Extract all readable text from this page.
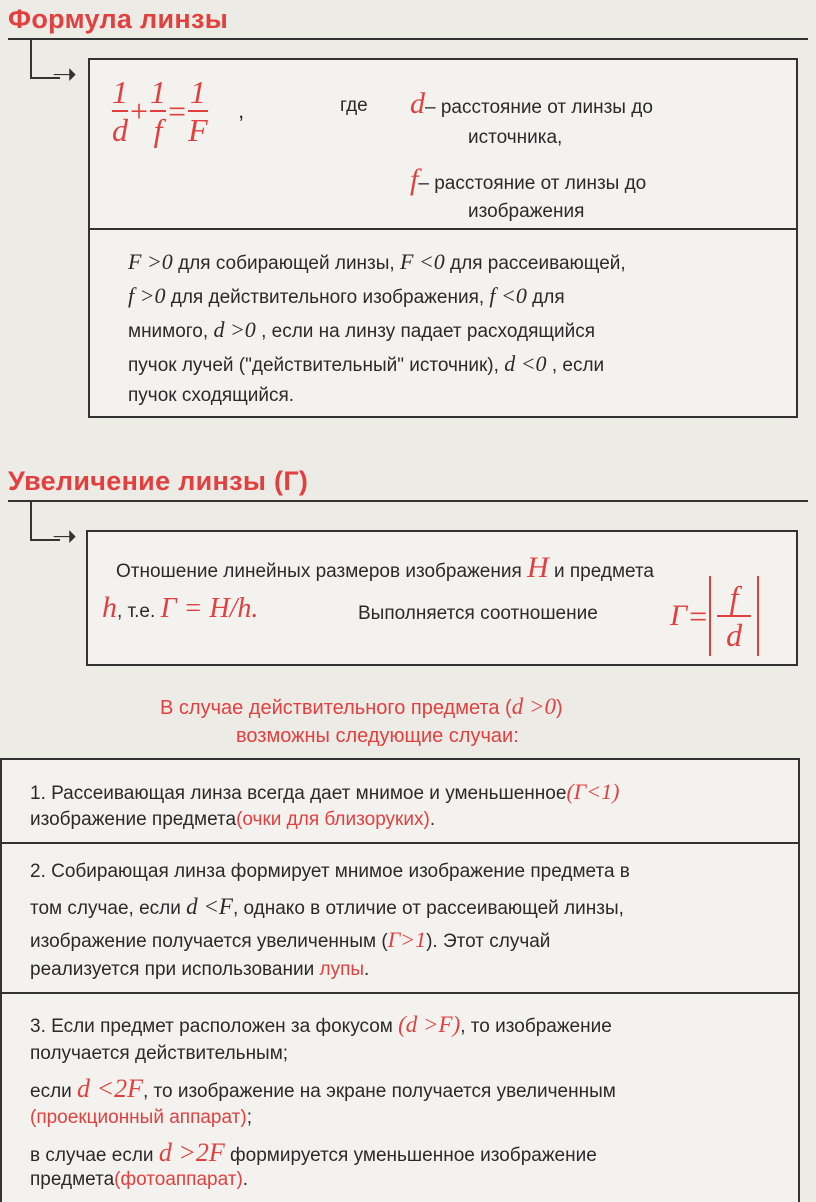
Формула линзы
➝
$\frac{1}{d} + \frac{1}{f} = \frac{1}{F}$ ,	где d– расстояние от линзы до
источника,
f– расстояние от линзы до
изображения
F >0 для собирающей линзы, F <0 для рассеивающей,
f >0 для действительного изображения, f <0 для
мнимого, d >0 , если на линзу падает расходящийся
пучок лучей ("действительный" источник), d <0 , если
пучок сходящийся.
Увеличение линзы (Г)
➝
Отношение линейных размеров изображения H и предмета
h, т.е. Г = H/h.	Выполняется соотношение $Г = \frac{f}{d}$
В случае действительного предмета (d >0)
возможны следующие случаи:
1. Рассеивающая линза всегда дает мнимое и уменьшенное(Г<1)
изображение предмета(очки для близоруких).
2. Собирающая линза формирует мнимое изображение предмета в
том случае, если d <F, однако в отличие от рассеивающей линзы,
изображение получается увеличенным (Г>1). Этот случай
реализуется при использовании лупы.
3. Если предмет расположен за фокусом (d >F), то изображение
получается действительным;
если d <2F, то изображение на экране получается увеличенным
(проекционный аппарат);
в случае если d >2F формируется уменьшенное изображение
предмета(фотоаппарат).
